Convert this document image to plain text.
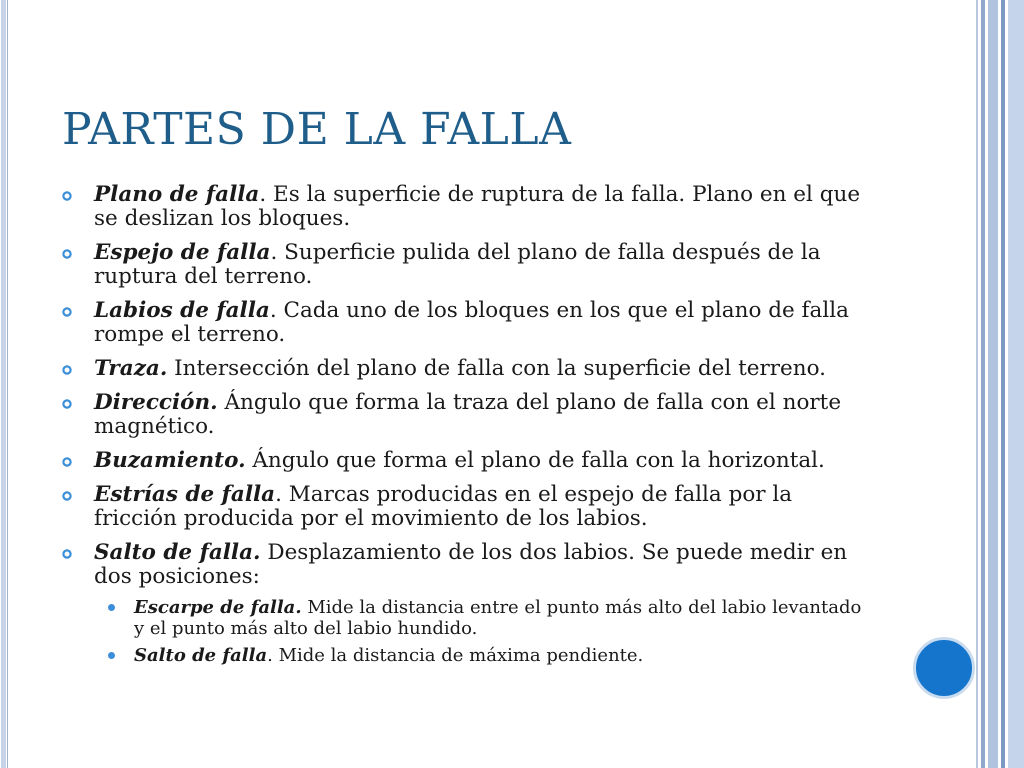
PARTES DE LA FALLA
Plano de falla. Es la superficie de ruptura de la falla. Plano en el que se deslizan los bloques.
Espejo de falla. Superficie pulida del plano de falla después de la ruptura del terreno.
Labios de falla. Cada uno de los bloques en los que el plano de falla rompe el terreno.
Traza. Intersección del plano de falla con la superficie del terreno.
Dirección. Ángulo que forma la traza del plano de falla con el norte magnético.
Buzamiento. Ángulo que forma el plano de falla con la horizontal.
Estrías de falla. Marcas producidas en el espejo de falla por la fricción producida por el movimiento de los labios.
Salto de falla. Desplazamiento de los dos labios. Se puede medir en dos posiciones:
Escarpe de falla. Mide la distancia entre el punto más alto del labio levantado y el punto más alto del labio hundido.
Salto de falla. Mide la distancia de máxima pendiente.
